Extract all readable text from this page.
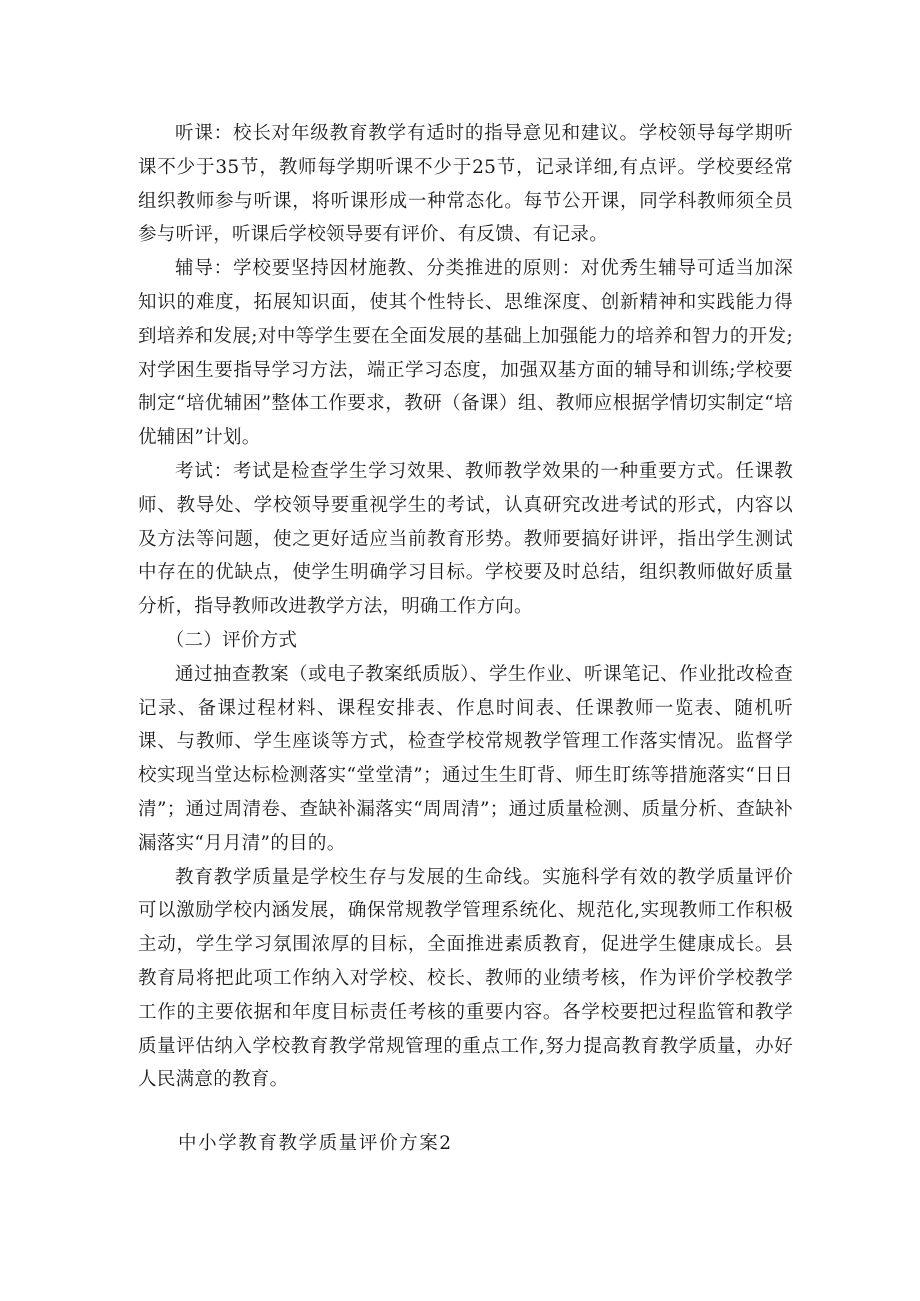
听课：校长对年级教育教学有适时的指导意见和建议。学校领导每学期听课不少于35节，教师每学期听课不少于25节，记录详细,有点评。学校要经常组织教师参与听课，将听课形成一种常态化。每节公开课，同学科教师须全员参与听评，听课后学校领导要有评价、有反馈、有记录。

辅导：学校要坚持因材施教、分类推进的原则：对优秀生辅导可适当加深知识的难度，拓展知识面，使其个性特长、思维深度、创新精神和实践能力得到培养和发展;对中等学生要在全面发展的基础上加强能力的培养和智力的开发;对学困生要指导学习方法，端正学习态度，加强双基方面的辅导和训练;学校要制定“培优辅困”整体工作要求，教研（备课）组、教师应根据学情切实制定“培优辅困”计划。

考试：考试是检查学生学习效果、教师教学效果的一种重要方式。任课教师、教导处、学校领导要重视学生的考试，认真研究改进考试的形式，内容以及方法等问题，使之更好适应当前教育形势。教师要搞好讲评，指出学生测试中存在的优缺点，使学生明确学习目标。学校要及时总结，组织教师做好质量分析，指导教师改进教学方法，明确工作方向。

（二）评价方式

通过抽查教案（或电子教案纸质版）、学生作业、听课笔记、作业批改检查记录、备课过程材料、课程安排表、作息时间表、任课教师一览表、随机听课、与教师、学生座谈等方式，检查学校常规教学管理工作落实情况。监督学校实现当堂达标检测落实“堂堂清”；通过生生盯背、师生盯练等措施落实“日日清”；通过周清卷、查缺补漏落实“周周清”；通过质量检测、质量分析、查缺补漏落实“月月清”的目的。

教育教学质量是学校生存与发展的生命线。实施科学有效的教学质量评价可以激励学校内涵发展，确保常规教学管理系统化、规范化,实现教师工作积极主动，学生学习氛围浓厚的目标，全面推进素质教育，促进学生健康成长。县教育局将把此项工作纳入对学校、校长、教师的业绩考核，作为评价学校教学工作的主要依据和年度目标责任考核的重要内容。各学校要把过程监管和教学质量评估纳入学校教育教学常规管理的重点工作,努力提高教育教学质量，办好人民满意的教育。

中小学教育教学质量评价方案2
